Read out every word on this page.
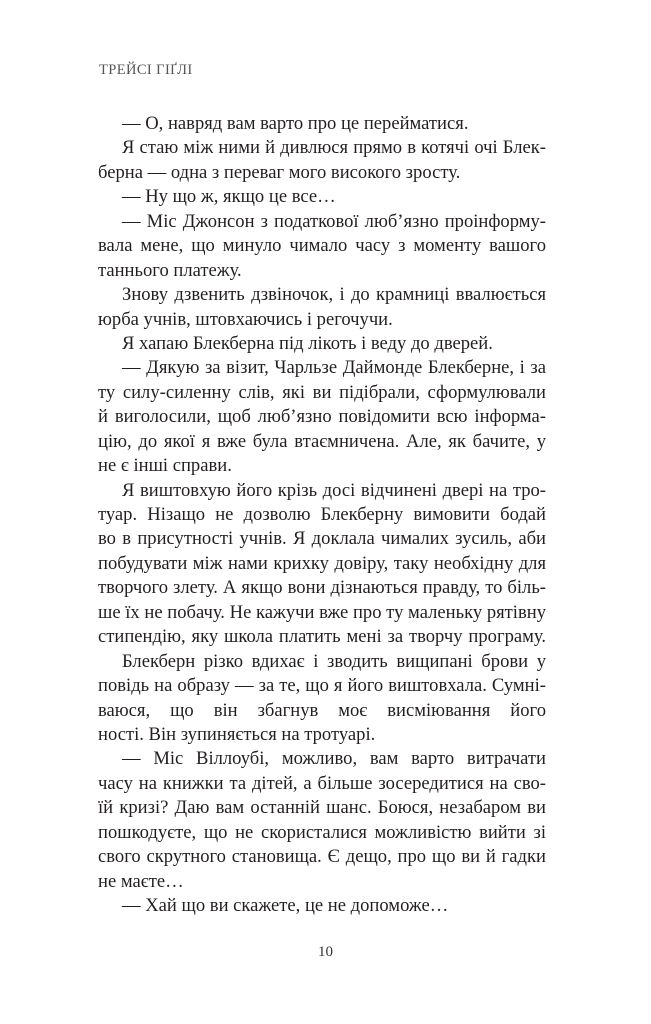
ТРЕЙСІ ГІҐЛІ
— О, навряд вам варто про це перейматися.
Я стаю між ними й дивлюся прямо в котячі очі Блек-
берна — одна з переваг мого високого зросту.
— Ну що ж, якщо це все…
— Міс Джонсон з податкової люб’язно проінформу-
вала мене, що минуло чимало часу з моменту вашого
таннього платежу.
Знову дзвенить дзвіночок, і до крамниці ввалюється
юрба учнів, штовхаючись і регочучи.
Я хапаю Блекберна під лікоть і веду до дверей.
— Дякую за візит, Чарльзе Даймонде Блекберне, і за
ту силу-силенну слів, які ви підібрали, сформулювали
й виголосили, щоб люб’язно повідомити всю інформа-
цію, до якої я вже була втаємничена. Але, як бачите, у
не є інші справи.
Я виштовхую його крізь досі відчинені двері на тро-
туар. Нізащо не дозволю Блекберну вимовити бодай
во в присутності учнів. Я доклала чималих зусиль, аби
побудувати між нами крихку довіру, таку необхідну для
творчого злету. А якщо вони дізнаються правду, то біль-
ше їх не побачу. Не кажучи вже про ту маленьку рятівну
стипендію, яку школа платить мені за творчу програму.
Блекберн різко вдихає і зводить вищипані брови у
повідь на образу — за те, що я його виштовхала. Сумні-
ваюся, що він збагнув моє висміювання його
ності. Він зупиняється на тротуарі.
— Міс Віллоубі, можливо, вам варто витрачати
часу на книжки та дітей, а більше зосередитися на сво-
їй кризі? Даю вам останній шанс. Боюся, незабаром ви
пошкодуєте, що не скористалися можливістю вийти зі
свого скрутного становища. Є дещо, про що ви й гадки
не маєте…
— Хай що ви скажете, це не допоможе…
10
